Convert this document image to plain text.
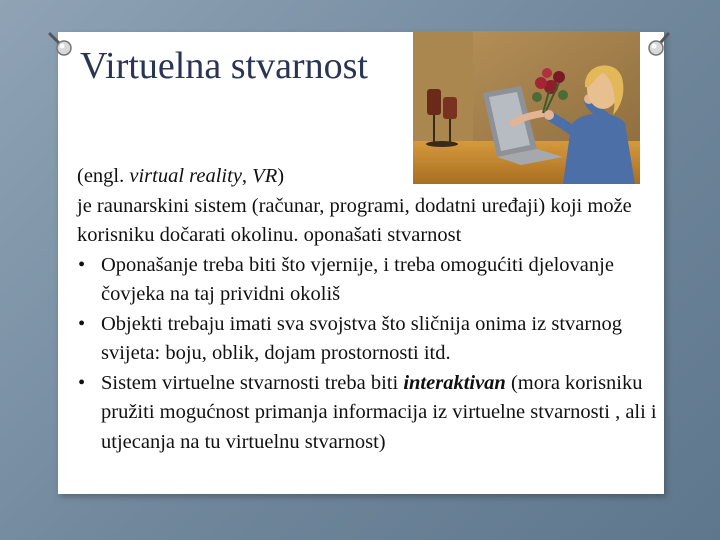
Virtuelna stvarnost

(engl. virtual reality, VR)

je raunarskini sistem (računar, programi, dodatni uređaji) koji može korisniku dočarati okolinu. oponašati stvarnost

• Oponašanje treba biti što vjernije, i treba omogućiti djelovanje čovjeka na taj prividni okoliš
• Objekti trebaju imati sva svojstva što sličnija onima iz stvarnog svijeta: boju, oblik, dojam prostornosti itd.
• Sistem virtuelne stvarnosti treba biti interaktivan (mora korisniku pružiti mogućnost primanja informacija iz virtuelne stvarnosti , ali i utjecanja na tu virtuelnu stvarnost)
